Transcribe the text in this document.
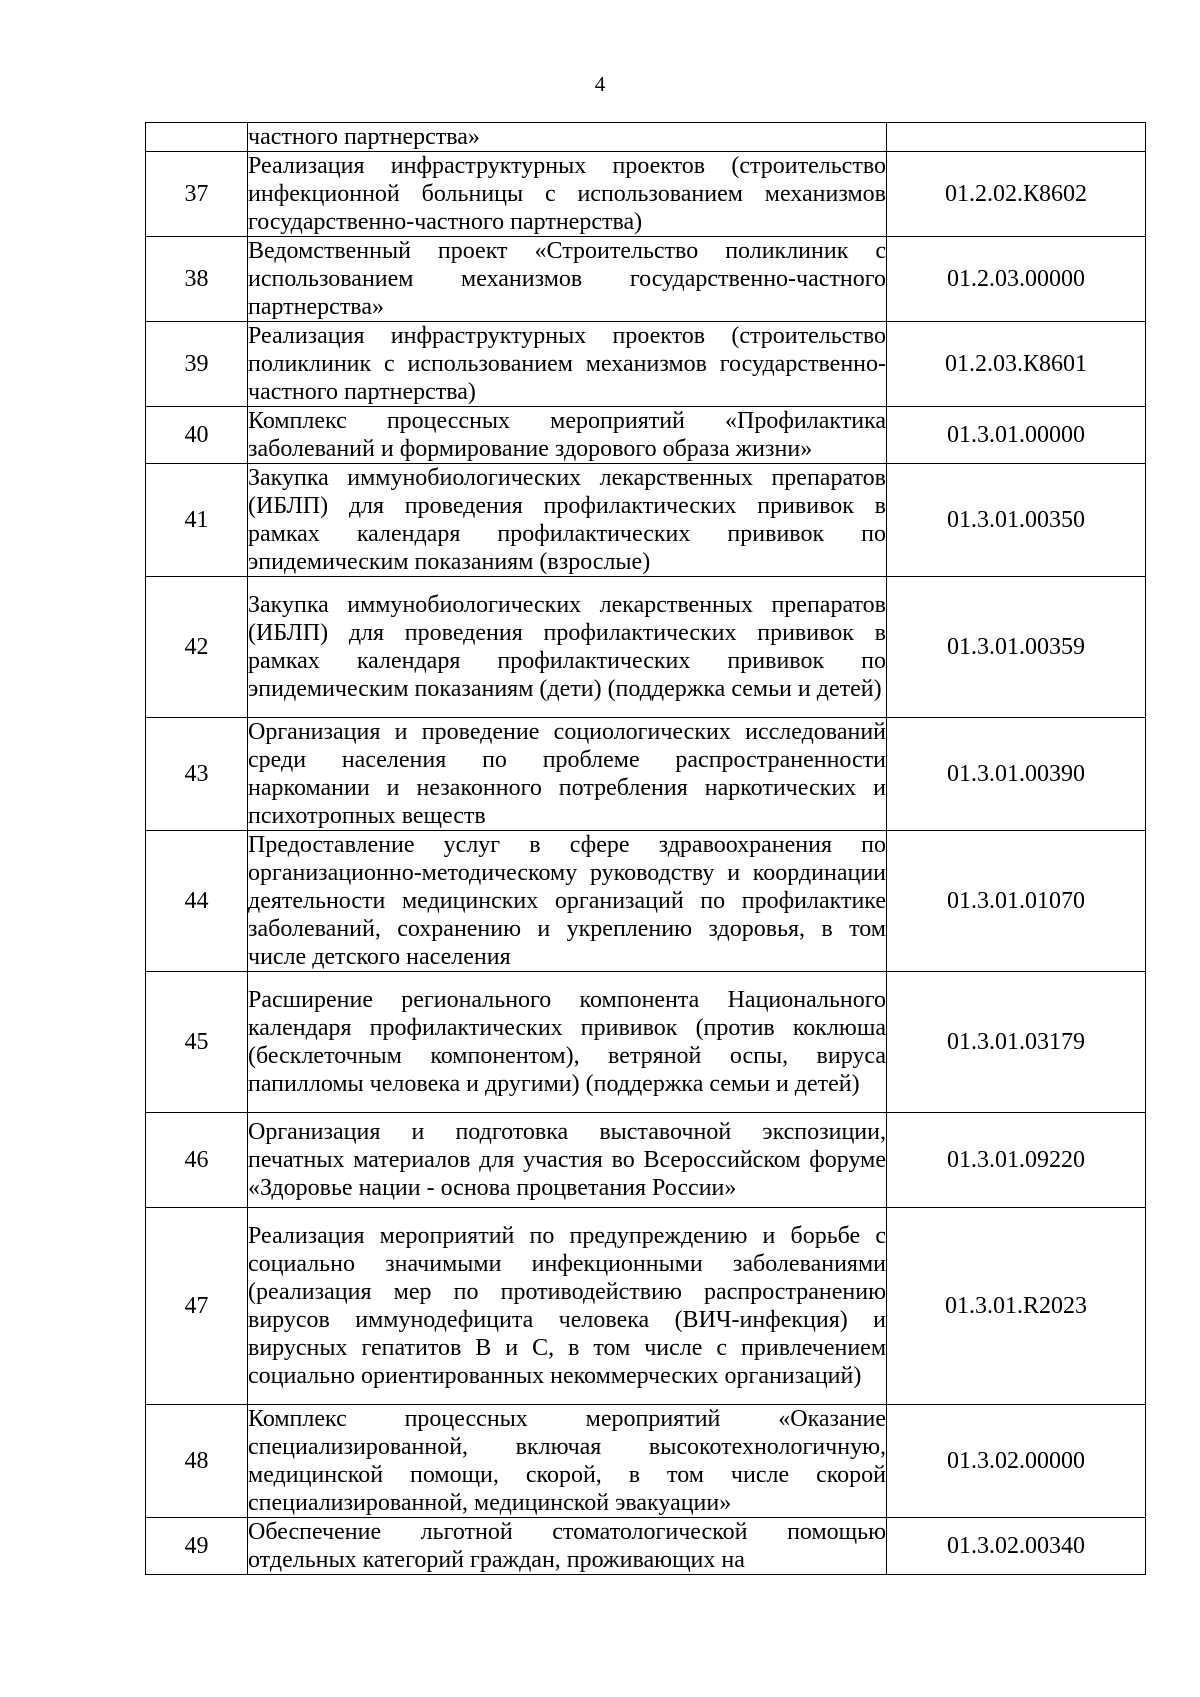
4
	частного партнерства»	
37	Реализация инфраструктурных проектов (строительство инфекционной больницы с использованием механизмов государственно-частного партнерства)	01.2.02.К8602
38	Ведомственный проект «Строительство поликлиник с использованием механизмов государственно-частного партнерства»	01.2.03.00000
39	Реализация инфраструктурных проектов (строительство поликлиник с использованием механизмов государственно-частного партнерства)	01.2.03.К8601
40	Комплекс процессных мероприятий «Профилактика заболеваний и формирование здорового образа жизни»	01.3.01.00000
41	Закупка иммунобиологических лекарственных препаратов (ИБЛП) для проведения профилактических прививок в рамках календаря профилактических прививок по эпидемическим показаниям (взрослые)	01.3.01.00350
42	Закупка иммунобиологических лекарственных препаратов (ИБЛП) для проведения профилактических прививок в рамках календаря профилактических прививок по эпидемическим показаниям (дети) (поддержка семьи и детей)	01.3.01.00359
43	Организация и проведение социологических исследований среди населения по проблеме распространенности наркомании и незаконного потребления наркотических и психотропных веществ	01.3.01.00390
44	Предоставление услуг в сфере здравоохранения по организационно-методическому руководству и координации деятельности медицинских организаций по профилактике заболеваний, сохранению и укреплению здоровья, в том числе детского населения	01.3.01.01070
45	Расширение регионального компонента Национального календаря профилактических прививок (против коклюша (бесклеточным компонентом), ветряной оспы, вируса папилломы человека и другими) (поддержка семьи и детей)	01.3.01.03179
46	Организация и подготовка выставочной экспозиции, печатных материалов для участия во Всероссийском форуме «Здоровье нации - основа процветания России»	01.3.01.09220
47	Реализация мероприятий по предупреждению и борьбе с социально значимыми инфекционными заболеваниями (реализация мер по противодействию распространению вирусов иммунодефицита человека (ВИЧ-инфекция) и вирусных гепатитов B и C, в том числе с привлечением социально ориентированных некоммерческих организаций)	01.3.01.R2023
48	Комплекс процессных мероприятий «Оказание специализированной, включая высокотехнологичную, медицинской помощи, скорой, в том числе скорой специализированной, медицинской эвакуации»	01.3.02.00000
49	Обеспечение льготной стоматологической помощью отдельных категорий граждан, проживающих на	01.3.02.00340
